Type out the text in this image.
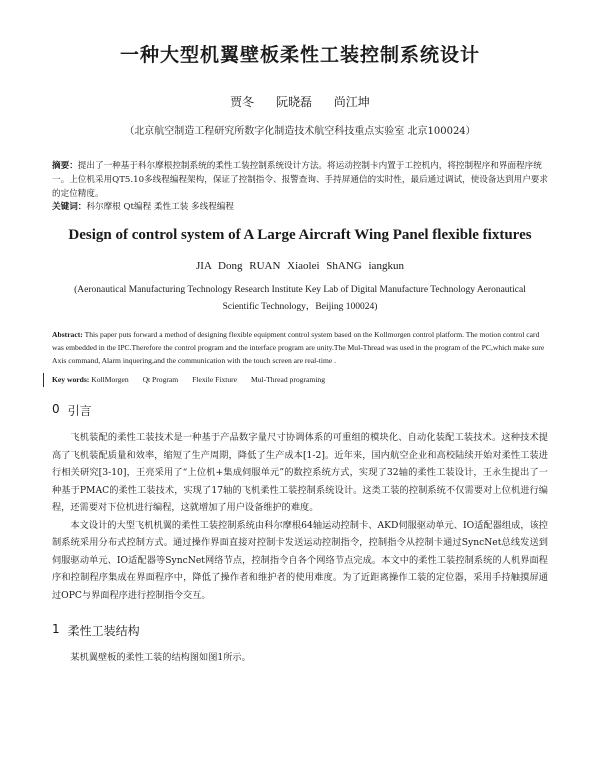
一种大型机翼壁板柔性工装控制系统设计
贾冬 阮晓磊 尚江坤
（北京航空制造工程研究所数字化制造技术航空科技重点实验室 北京100024）
摘要：提出了一种基于科尔摩根控制系统的柔性工装控制系统设计方法。将运动控制卡内置于工控机内，将控制程序和界面程序统一。上位机采用QT5.10多线程编程架构，保证了控制指令、报警查询、手持屏通信的实时性，最后通过调试，使设备达到用户要求的定位精度。
关键词：科尔摩根 Qt编程 柔性工装 多线程编程
Design of control system of A Large Aircraft Wing Panel flexible fixtures
JIA Dong RUAN Xiaolei ShANG iangkun
(Aeronautical Manufacturing Technology Research Institute Key Lab of Digital Manufacture Technology Aeronautical Scientific Technology，Beijing 100024)
Abstract: This paper puts forward a method of designing flexible equipment control system based on the Kollmorgen control platform. The motion control card was embedded in the IPC.Therefore the control program and the interface program are unity.The Mul-Thread was used in the program of the PC,which make sure Axis command, Alarm inquering,and the communication with the touch screen are real-time .
Key words: KollMorgen Qt Program Flexile Fixture Mul-Thread programing
0 引言

飞机装配的柔性工装技术是一种基于产品数字量尺寸协调体系的可重组的模块化、自动化装配工装技术。这种技术提高了飞机装配质量和效率，缩短了生产周期，降低了生产成本[1-2]。近年来，国内航空企业和高校陆续开始对柔性工装进行相关研究[3-10]，王亮采用了“上位机+集成伺服单元”的数控系统方式，实现了32轴的柔性工装设计，王永生提出了一种基于PMAC的柔性工装技术，实现了17轴的飞机柔性工装控制系统设计。这类工装的控制系统不仅需要对上位机进行编程，还需要对下位机进行编程，这就增加了用户设备维护的难度。

本文设计的大型飞机机翼的柔性工装控制系统由科尔摩根64轴运动控制卡、AKD伺服驱动单元、IO适配器组成，该控制系统采用分布式控制方式。通过操作界面直接对控制卡发送运动控制指令，控制指令从控制卡通过SyncNet总线发送到伺服驱动单元、IO适配器等SyncNet网络节点，控制指令自各个网络节点完成。本文中的柔性工装控制系统的人机界面程序和控制程序集成在界面程序中，降低了操作者和维护者的使用难度。为了近距离操作工装的定位器，采用手持触摸屏通过OPC与界面程序进行控制指令交互。

1 柔性工装结构

某机翼壁板的柔性工装的结构图如图1所示。
